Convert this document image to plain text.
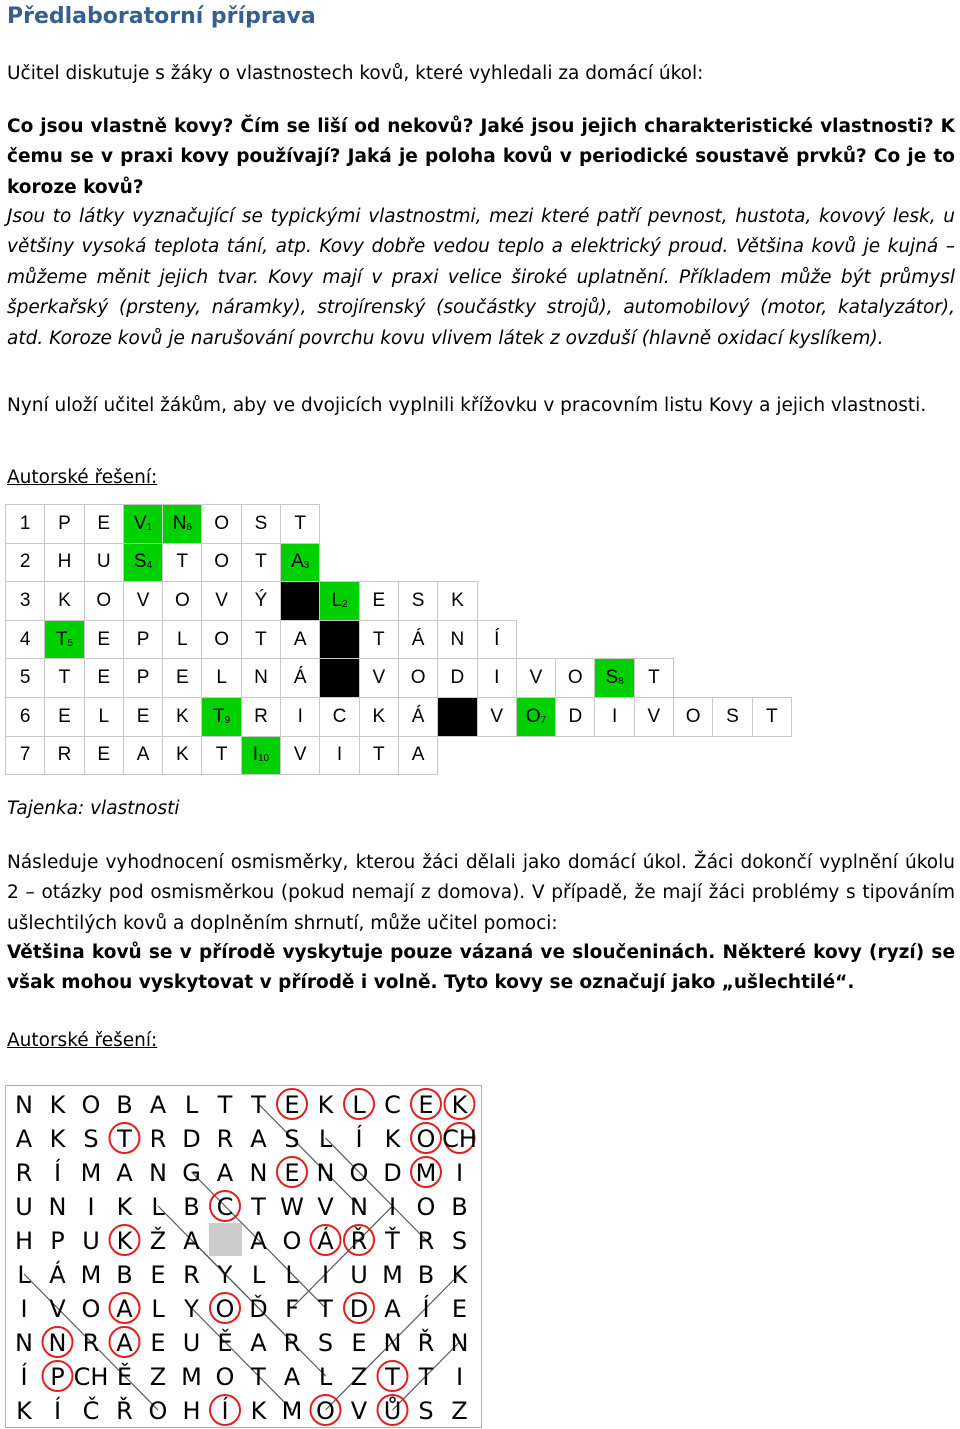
Předlaboratorní příprava
Učitel diskutuje s žáky o vlastnostech kovů, které vyhledali za domácí úkol:
Co jsou vlastně kovy? Čím se liší od nekovů? Jaké jsou jejich charakteristické vlastnosti? K čemu se v praxi kovy používají? Jaká je poloha kovů v periodické soustavě prvků? Co je to koroze kovů?
Jsou to látky vyznačující se typickými vlastnostmi, mezi které patří pevnost, hustota, kovový lesk, u většiny vysoká teplota tání, atp. Kovy dobře vedou teplo a elektrický proud. Většina kovů je kujná – můžeme měnit jejich tvar. Kovy mají v praxi velice široké uplatnění. Příkladem může být průmysl šperkařský (prsteny, náramky), strojírenský (součástky strojů), automobilový (motor, katalyzátor), atd. Koroze kovů je narušování povrchu kovu vlivem látek z ovzduší (hlavně oxidací kyslíkem).
Nyní uloží učitel žákům, aby ve dvojicích vyplnili křížovku v pracovním listu Kovy a jejich vlastnosti.
Autorské řešení:
1	P	E	$V_1$	$N_6$	O	S	T												
2	H	U	$S_4$	T	O	T	$A_3$												
3	K	O	V	O	V	Ý		$L_2$	E	S	K								
4	$T_5$	E	P	L	O	T	A		T	Á	N	Í							
5	T	E	P	E	L	N	Á		V	O	D	I	V	O	$S_8$	T			
6	E	L	E	K	$T_9$	R	I	C	K	Á		V	$O_7$	D	I	V	O	S	T
7	R	E	A	K	T	$I_{10}$	V	I	T	A									
Tajenka: vlastnosti
Následuje vyhodnocení osmisměrky, kterou žáci dělali jako domácí úkol. Žáci dokončí vyplnění úkolu 2 – otázky pod osmisměrkou (pokud nemají z domova). V případě, že mají žáci problémy s tipováním ušlechtilých kovů a doplněním shrnutí, může učitel pomoci:
Většina kovů se v přírodě vyskytuje pouze vázaná ve sloučeninách. Některé kovy (ryzí) se však mohou vyskytovat v přírodě i volně. Tyto kovy se označují jako „ušlechtilé“.
Autorské řešení:
N K O B A L T T E K L C E K
A K S T R D R A S L Í K O CH
R Í M A N G A N E N O D M I
U N I K L B C T W V N I O B
H P U K Ž A A O Á Ř Ť R S
L Á M B E R Y L L I U M B K
I V O A L Y O Ď F T D A Í E
N N R A E U Ě A R S E N Ř N
Í P CH Ě Z M O T A L Z T T I
K Í Č Ř O H Í K M O V Ů S Z
